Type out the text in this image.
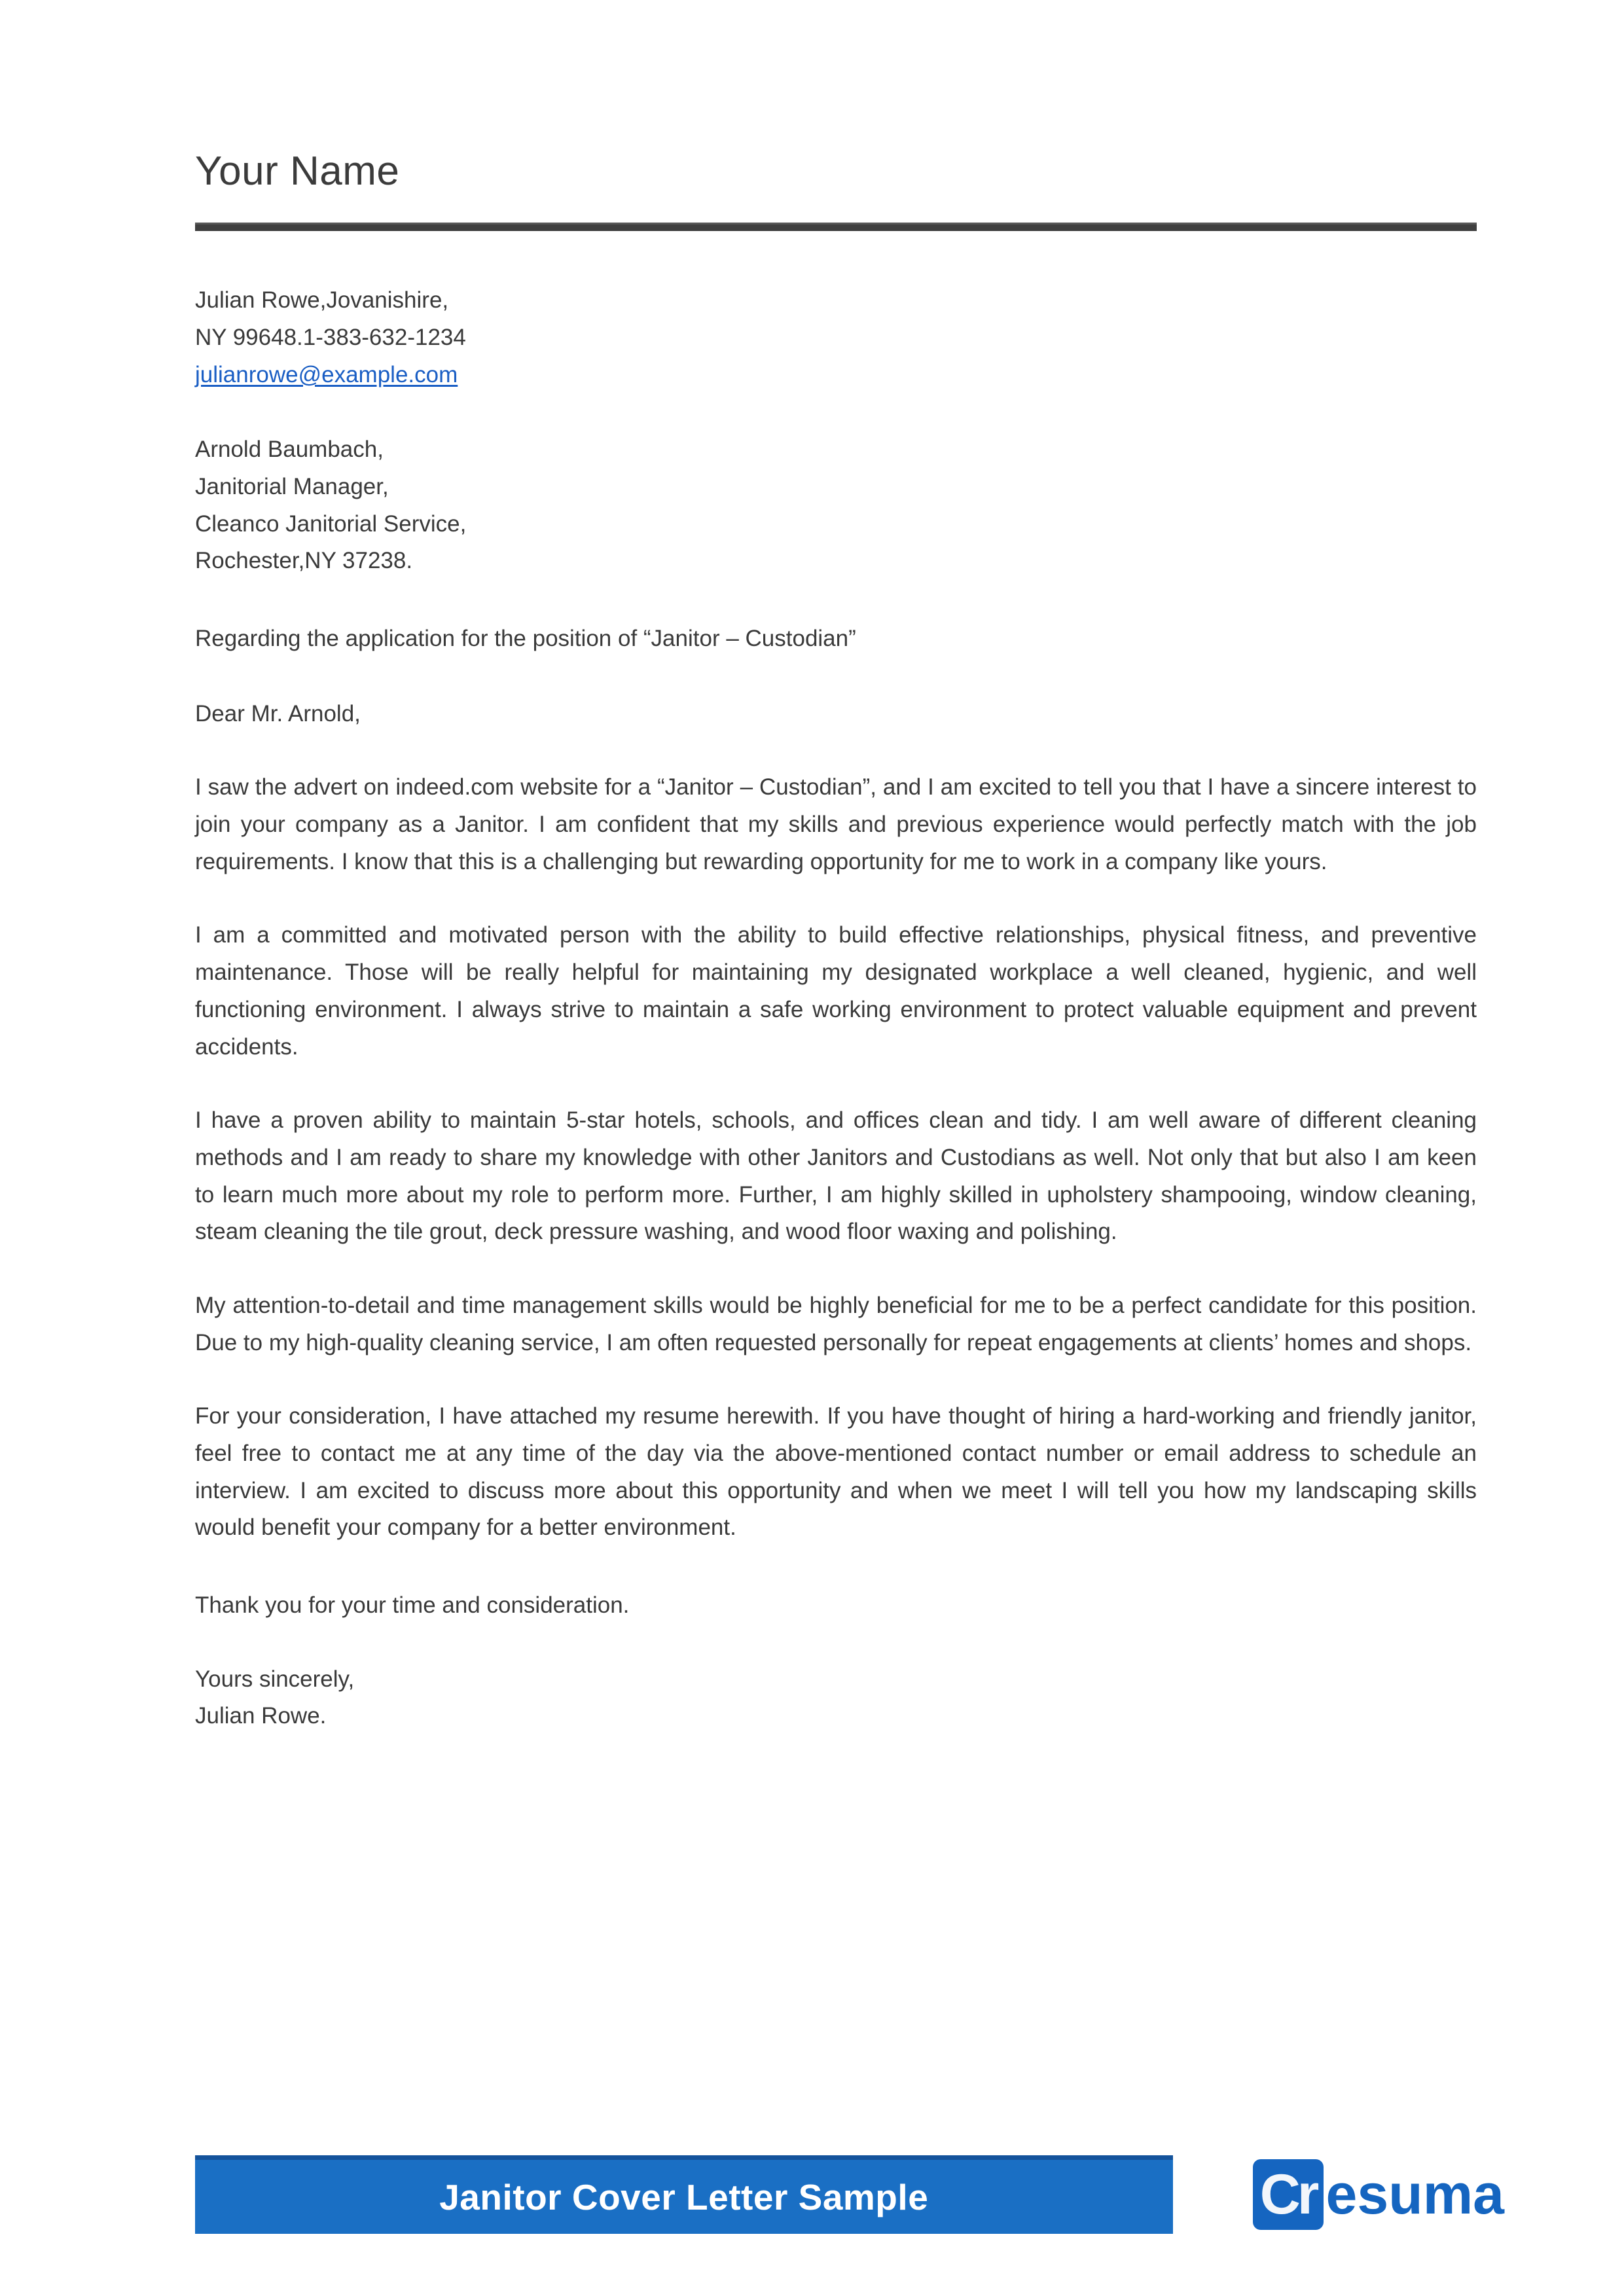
Your Name
Julian Rowe,Jovanishire,
NY 99648.1-383-632-1234
julianrowe@example.com
Arnold Baumbach,
Janitorial Manager,
Cleanco Janitorial Service,
Rochester,NY 37238.
Regarding the application for the position of “Janitor – Custodian”
Dear Mr. Arnold,

I saw the advert on indeed.com website for a “Janitor – Custodian”, and I am excited to tell you that I have a sincere interest to join your company as a Janitor. I am confident that my skills and previous experience would perfectly match with the job requirements. I know that this is a challenging but rewarding opportunity for me to work in a company like yours.

I am a committed and motivated person with the ability to build effective relationships, physical fitness, and preventive maintenance. Those will be really helpful for maintaining my designated workplace a well cleaned, hygienic, and well functioning environment. I always strive to maintain a safe working environment to protect valuable equipment and prevent accidents.

I have a proven ability to maintain 5-star hotels, schools, and offices clean and tidy. I am well aware of different cleaning methods and I am ready to share my knowledge with other Janitors and Custodians as well. Not only that but also I am keen to learn much more about my role to perform more. Further, I am highly skilled in upholstery shampooing, window cleaning, steam cleaning the tile grout, deck pressure washing, and wood floor waxing and polishing.

My attention-to-detail and time management skills would be highly beneficial for me to be a perfect candidate for this position. Due to my high-quality cleaning service, I am often requested personally for repeat engagements at clients’ homes and shops.

For your consideration, I have attached my resume herewith. If you have thought of hiring a hard-working and friendly janitor, feel free to contact me at any time of the day via the above-mentioned contact number or email address to schedule an interview. I am excited to discuss more about this opportunity and when we meet I will tell you how my landscaping skills would benefit your company for a better environment.

Thank you for your time and consideration.
Yours sincerely,
Julian Rowe.
Janitor Cover Letter Sample	Cr esuma
